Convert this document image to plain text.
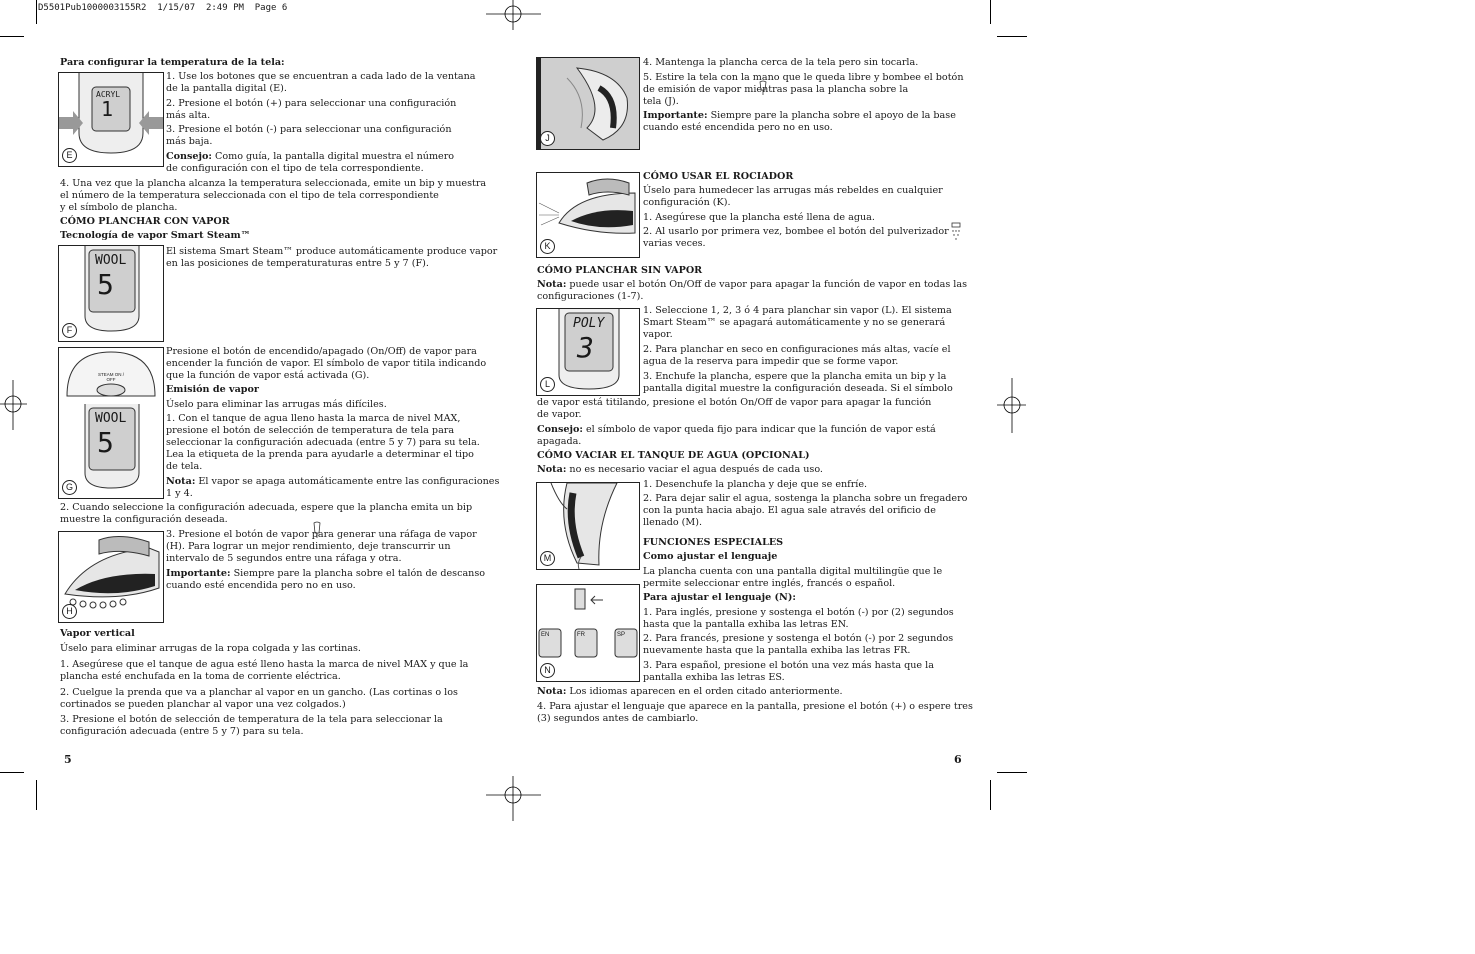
D5501Pub1000003155R2  1/15/07  2:49 PM  Page 6
Para configurar la temperatura de la tela:
ACRYL
1
E
1. Use los botones que se encuentran a cada lado de la ventana
de la pantalla digital (E).
2. Presione el botón (+) para seleccionar una configuración
más alta.
3. Presione el botón (-) para seleccionar una configuración
más baja.
Consejo: Como guía, la pantalla digital muestra el número
de configuración con el tipo de tela correspondiente.
4. Una vez que la plancha alcanza la temperatura seleccionada, emite un bip y muestra
el número de la temperatura seleccionada con el tipo de tela correspondiente
y el símbolo de plancha.
CÓMO PLANCHAR CON VAPOR
Tecnología de vapor Smart Steam™
WOOL
5
F
El sistema Smart Steam™ produce automáticamente produce vapor
en las posiciones de temperaturaturas entre 5 y 7 (F).
STEAM ON / OFF
WOOL
5
G
Presione el botón de encendido/apagado (On/Off) de vapor para
encender la función de vapor. El símbolo de vapor titila indicando
que la función de vapor está activada (G).
Emisión de vapor
Úselo para eliminar las arrugas más difíciles.
1. Con el tanque de agua lleno hasta la marca de nivel MAX,
presione el botón de selección de temperatura de tela para
seleccionar la configuración adecuada (entre 5 y 7) para su tela.
Lea la etiqueta de la prenda para ayudarle a determinar el tipo
de tela.
Nota: El vapor se apaga automáticamente entre las configuraciones
1 y 4.
2. Cuando seleccione la configuración adecuada, espere que la plancha emita un bip
muestre la configuración deseada.
H
3. Presione el botón de vapor para generar una ráfaga de vapor
(H). Para lograr un mejor rendimiento, deje transcurrir un
intervalo de 5 segundos entre una ráfaga y otra.
Importante: Siempre pare la plancha sobre el talón de descanso
cuando esté encendida pero no en uso.
Vapor vertical
Úselo para eliminar arrugas de la ropa colgada y las cortinas.
1. Asegúrese que el tanque de agua esté lleno hasta la marca de nivel MAX y que la
plancha esté enchufada en la toma de corriente eléctrica.
2. Cuelgue la prenda que va a planchar al vapor en un gancho. (Las cortinas o los
cortinados se pueden planchar al vapor una vez colgados.)
3. Presione el botón de selección de temperatura de la tela para seleccionar la
configuración adecuada (entre 5 y 7) para su tela.
5
J
4. Mantenga la plancha cerca de la tela pero sin tocarla.
5. Estire la tela con la mano que le queda libre y bombee el botón
de emisión de vapor mientras pasa la plancha sobre la
tela (J).
Importante: Siempre pare la plancha sobre el apoyo de la base
cuando esté encendida pero no en uso.
K
CÓMO USAR EL ROCIADOR
Úselo para humedecer las arrugas más rebeldes en cualquier
configuración (K).
1. Asegúrese que la plancha esté llena de agua.
2. Al usarlo por primera vez, bombee el botón del pulverizador
varias veces.
CÓMO PLANCHAR SIN VAPOR
Nota: puede usar el botón On/Off de vapor para apagar la función de vapor en todas las
configuraciones (1-7).
POLY
3
L
1. Seleccione 1, 2, 3 ó 4 para planchar sin vapor (L). El sistema
Smart Steam™ se apagará automáticamente y no se generará
vapor.
2. Para planchar en seco en configuraciones más altas, vacíe el
agua de la reserva para impedir que se forme vapor.
3. Enchufe la plancha, espere que la plancha emita un bip y la
pantalla digital muestre la configuración deseada. Si el símbolo
de vapor está titilando, presione el botón On/Off de vapor para apagar la función
de vapor.
Consejo: el símbolo de vapor queda fijo para indicar que la función de vapor está
apagada.
CÓMO VACIAR EL TANQUE DE AGUA (OPCIONAL)
Nota: no es necesario vaciar el agua después de cada uso.
M
1. Desenchufe la plancha y deje que se enfríe.
2. Para dejar salir el agua, sostenga la plancha sobre un fregadero
con la punta hacia abajo. El agua sale através del orificio de
llenado (M).
FUNCIONES ESPECIALES
Como ajustar el lenguaje
La plancha cuenta con una pantalla digital multilingüe que le
permite seleccionar entre inglés, francés o español.
EN	FR	SP
N
Para ajustar el lenguaje (N):
1. Para inglés, presione y sostenga el botón (-) por (2) segundos
hasta que la pantalla exhiba las letras EN.
2. Para francés, presione y sostenga el botón (-) por 2 segundos
nuevamente hasta que la pantalla exhiba las letras FR.
3. Para español, presione el botón una vez más hasta que la
pantalla exhiba las letras ES.
Nota: Los idiomas aparecen en el orden citado anteriormente.
4. Para ajustar el lenguaje que aparece en la pantalla, presione el botón (+) o espere tres
(3) segundos antes de cambiarlo.
6
